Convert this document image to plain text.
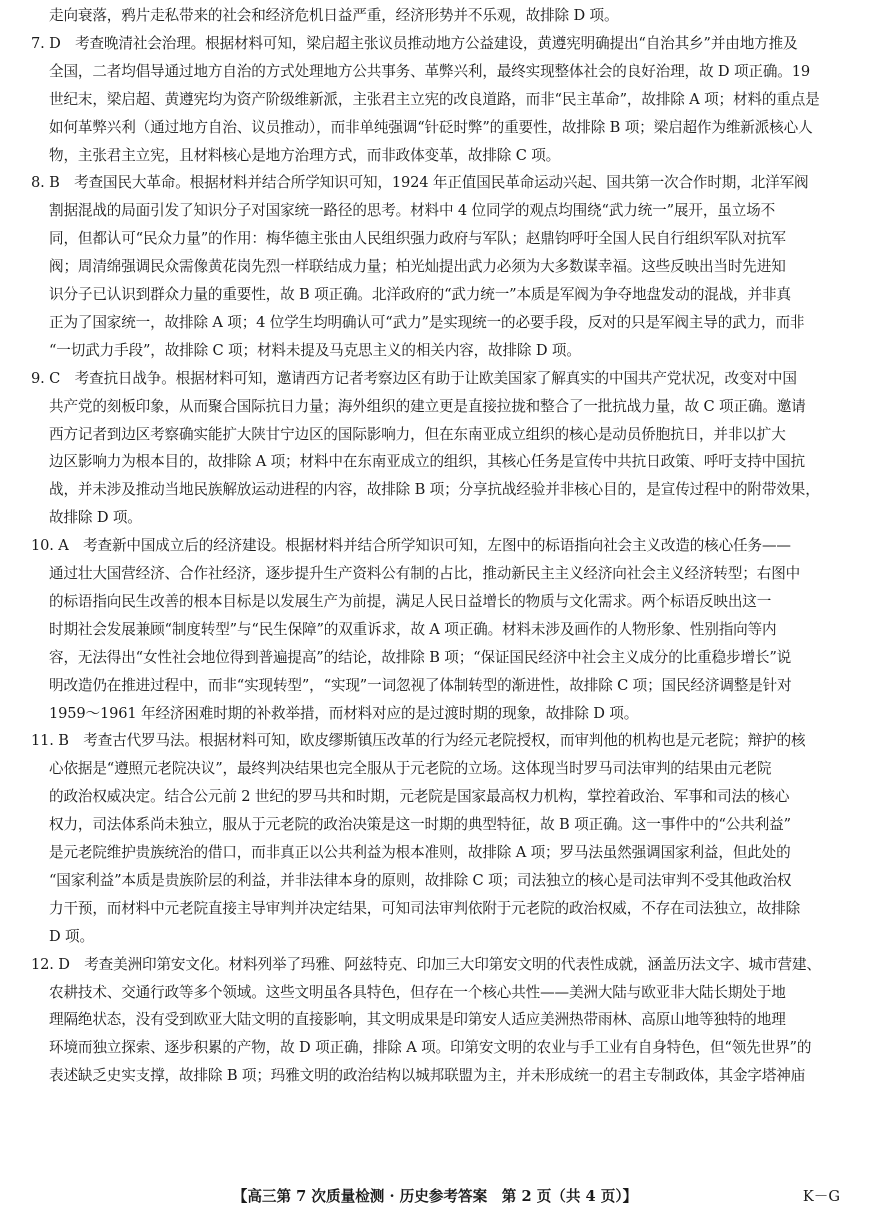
走向衰落，鸦片走私带来的社会和经济危机日益严重，经济形势并不乐观，故排除 D 项。
7. D　考查晚清社会治理。根据材料可知，梁启超主张议员推动地方公益建设，黄遵宪明确提出“自治其乡”并由地方推及
全国，二者均倡导通过地方自治的方式处理地方公共事务、革弊兴利，最终实现整体社会的良好治理，故 D 项正确。19
世纪末，梁启超、黄遵宪均为资产阶级维新派，主张君主立宪的改良道路，而非“民主革命”，故排除 A 项；材料的重点是
如何革弊兴利（通过地方自治、议员推动），而非单纯强调“针砭时弊”的重要性，故排除 B 项；梁启超作为维新派核心人
物，主张君主立宪，且材料核心是地方治理方式，而非政体变革，故排除 C 项。
8. B　考查国民大革命。根据材料并结合所学知识可知，1924 年正值国民革命运动兴起、国共第一次合作时期，北洋军阀
割据混战的局面引发了知识分子对国家统一路径的思考。材料中 4 位同学的观点均围绕“武力统一”展开，虽立场不
同，但都认可“民众力量”的作用：梅华德主张由人民组织强力政府与军队；赵鼎钧呼吁全国人民自行组织军队对抗军
阀；周清绵强调民众需像黄花岗先烈一样联结成力量；柏光灿提出武力必须为大多数谋幸福。这些反映出当时先进知
识分子已认识到群众力量的重要性，故 B 项正确。北洋政府的“武力统一”本质是军阀为争夺地盘发动的混战，并非真
正为了国家统一，故排除 A 项；4 位学生均明确认可“武力”是实现统一的必要手段，反对的只是军阀主导的武力，而非
“一切武力手段”，故排除 C 项；材料未提及马克思主义的相关内容，故排除 D 项。
9. C　考查抗日战争。根据材料可知，邀请西方记者考察边区有助于让欧美国家了解真实的中国共产党状况，改变对中国
共产党的刻板印象，从而聚合国际抗日力量；海外组织的建立更是直接拉拢和整合了一批抗战力量，故 C 项正确。邀请
西方记者到边区考察确实能扩大陕甘宁边区的国际影响力，但在东南亚成立组织的核心是动员侨胞抗日，并非以扩大
边区影响力为根本目的，故排除 A 项；材料中在东南亚成立的组织，其核心任务是宣传中共抗日政策、呼吁支持中国抗
战，并未涉及推动当地民族解放运动进程的内容，故排除 B 项；分享抗战经验并非核心目的，是宣传过程中的附带效果，
故排除 D 项。
10. A　考查新中国成立后的经济建设。根据材料并结合所学知识可知，左图中的标语指向社会主义改造的核心任务——
通过壮大国营经济、合作社经济，逐步提升生产资料公有制的占比，推动新民主主义经济向社会主义经济转型；右图中
的标语指向民生改善的根本目标是以发展生产为前提，满足人民日益增长的物质与文化需求。两个标语反映出这一
时期社会发展兼顾“制度转型”与“民生保障”的双重诉求，故 A 项正确。材料未涉及画作的人物形象、性别指向等内
容，无法得出“女性社会地位得到普遍提高”的结论，故排除 B 项；“保证国民经济中社会主义成分的比重稳步增长”说
明改造仍在推进过程中，而非“实现转型”，“实现”一词忽视了体制转型的渐进性，故排除 C 项；国民经济调整是针对
1959～1961 年经济困难时期的补救举措，而材料对应的是过渡时期的现象，故排除 D 项。
11. B　考查古代罗马法。根据材料可知，欧皮缪斯镇压改革的行为经元老院授权，而审判他的机构也是元老院；辩护的核
心依据是“遵照元老院决议”，最终判决结果也完全服从于元老院的立场。这体现当时罗马司法审判的结果由元老院
的政治权威决定。结合公元前 2 世纪的罗马共和时期，元老院是国家最高权力机构，掌控着政治、军事和司法的核心
权力，司法体系尚未独立，服从于元老院的政治决策是这一时期的典型特征，故 B 项正确。这一事件中的“公共利益”
是元老院维护贵族统治的借口，而非真正以公共利益为根本准则，故排除 A 项；罗马法虽然强调国家利益，但此处的
“国家利益”本质是贵族阶层的利益，并非法律本身的原则，故排除 C 项；司法独立的核心是司法审判不受其他政治权
力干预，而材料中元老院直接主导审判并决定结果，可知司法审判依附于元老院的政治权威，不存在司法独立，故排除
D 项。
12. D　考查美洲印第安文化。材料列举了玛雅、阿兹特克、印加三大印第安文明的代表性成就，涵盖历法文字、城市营建、
农耕技术、交通行政等多个领域。这些文明虽各具特色，但存在一个核心共性——美洲大陆与欧亚非大陆长期处于地
理隔绝状态，没有受到欧亚大陆文明的直接影响，其文明成果是印第安人适应美洲热带雨林、高原山地等独特的地理
环境而独立探索、逐步积累的产物，故 D 项正确，排除 A 项。印第安文明的农业与手工业有自身特色，但“领先世界”的
表述缺乏史实支撑，故排除 B 项；玛雅文明的政治结构以城邦联盟为主，并未形成统一的君主专制政体，其金字塔神庙
【高三第 7 次质量检测 · 历史参考答案　第 2 页（共 4 页）】	K－G
